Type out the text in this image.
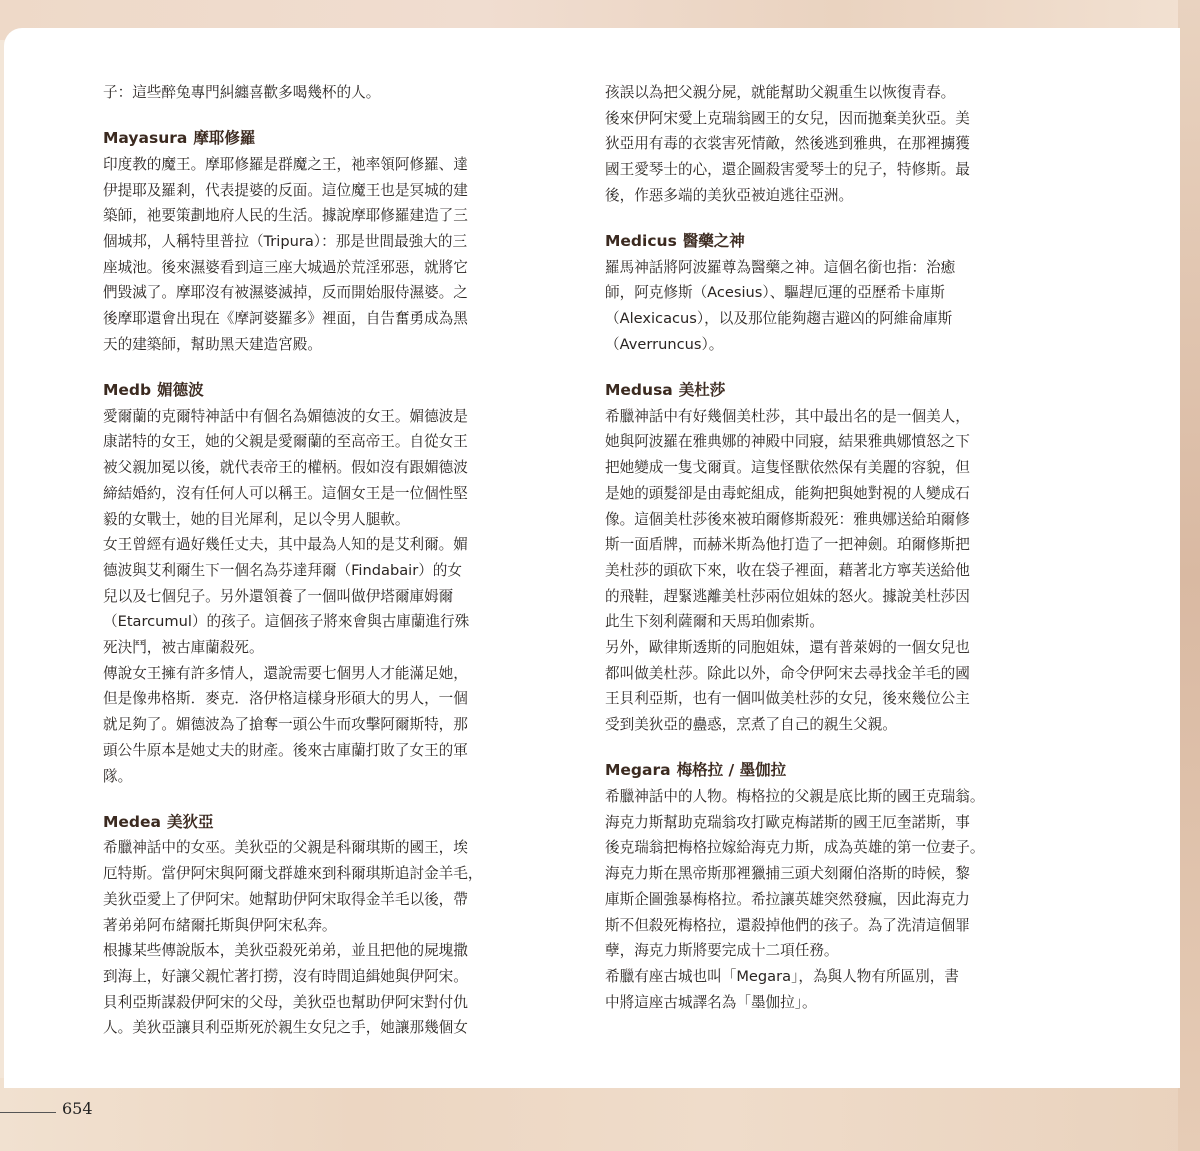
子：這些醉兔專門糾纏喜歡多喝幾杯的人。

Mayasura 摩耶修羅

印度教的魔王。摩耶修羅是群魔之王，祂率領阿修羅、達
伊提耶及羅剎，代表提婆的反面。這位魔王也是冥城的建
築師，祂要策劃地府人民的生活。據說摩耶修羅建造了三
個城邦，人稱特里普拉（Tripura）：那是世間最強大的三
座城池。後來濕婆看到這三座大城過於荒淫邪惡，就將它
們毀滅了。摩耶沒有被濕婆滅掉，反而開始服侍濕婆。之
後摩耶還會出現在《摩訶婆羅多》裡面，自告奮勇成為黑
天的建築師，幫助黑天建造宮殿。

Medb 媚德波

愛爾蘭的克爾特神話中有個名為媚德波的女王。媚德波是
康諾特的女王，她的父親是愛爾蘭的至高帝王。自從女王
被父親加冕以後，就代表帝王的權柄。假如沒有跟媚德波
締結婚約，沒有任何人可以稱王。這個女王是一位個性堅
毅的女戰士，她的目光犀利，足以令男人腿軟。

女王曾經有過好幾任丈夫，其中最為人知的是艾利爾。媚
德波與艾利爾生下一個名為芬達拜爾（Findabair）的女
兒以及七個兒子。另外還領養了一個叫做伊塔爾庫姆爾
（Etarcumul）的孩子。這個孩子將來會與古庫蘭進行殊
死決鬥，被古庫蘭殺死。

傳說女王擁有許多情人，還說需要七個男人才能滿足她，
但是像弗格斯．麥克．洛伊格這樣身形碩大的男人，一個
就足夠了。媚德波為了搶奪一頭公牛而攻擊阿爾斯特，那
頭公牛原本是她丈夫的財產。後來古庫蘭打敗了女王的軍
隊。

Medea 美狄亞

希臘神話中的女巫。美狄亞的父親是科爾琪斯的國王，埃
厄特斯。當伊阿宋與阿爾戈群雄來到科爾琪斯追討金羊毛，
美狄亞愛上了伊阿宋。她幫助伊阿宋取得金羊毛以後，帶
著弟弟阿布緒爾托斯與伊阿宋私奔。

根據某些傳說版本，美狄亞殺死弟弟，並且把他的屍塊撒
到海上，好讓父親忙著打撈，沒有時間追緝她與伊阿宋。
貝利亞斯謀殺伊阿宋的父母，美狄亞也幫助伊阿宋對付仇
人。美狄亞讓貝利亞斯死於親生女兒之手，她讓那幾個女

孩誤以為把父親分屍，就能幫助父親重生以恢復青春。
後來伊阿宋愛上克瑞翁國王的女兒，因而拋棄美狄亞。美
狄亞用有毒的衣裳害死情敵，然後逃到雅典，在那裡擄獲
國王愛琴士的心，還企圖殺害愛琴士的兒子，特修斯。最
後，作惡多端的美狄亞被迫逃往亞洲。

Medicus 醫藥之神

羅馬神話將阿波羅尊為醫藥之神。這個名銜也指：治癒
師，阿克修斯（Acesius）、驅趕厄運的亞歷希卡庫斯
（Alexicacus），以及那位能夠趨吉避凶的阿維侖庫斯
（Averruncus）。

Medusa 美杜莎

希臘神話中有好幾個美杜莎，其中最出名的是一個美人，
她與阿波羅在雅典娜的神殿中同寢，結果雅典娜憤怒之下
把她變成一隻戈爾貢。這隻怪獸依然保有美麗的容貌，但
是她的頭髮卻是由毒蛇組成，能夠把與她對視的人變成石
像。這個美杜莎後來被珀爾修斯殺死：雅典娜送給珀爾修
斯一面盾牌，而赫米斯為他打造了一把神劍。珀爾修斯把
美杜莎的頭砍下來，收在袋子裡面，藉著北方寧芙送給他
的飛鞋，趕緊逃離美杜莎兩位姐妹的怒火。據說美杜莎因
此生下刻利薩爾和天馬珀伽索斯。

另外，歐律斯透斯的同胞姐妹，還有普萊姆的一個女兒也
都叫做美杜莎。除此以外，命令伊阿宋去尋找金羊毛的國
王貝利亞斯，也有一個叫做美杜莎的女兒，後來幾位公主
受到美狄亞的蠱惑，烹煮了自己的親生父親。

Megara 梅格拉 / 墨伽拉

希臘神話中的人物。梅格拉的父親是底比斯的國王克瑞翁。
海克力斯幫助克瑞翁攻打歐克梅諾斯的國王厄奎諾斯，事
後克瑞翁把梅格拉嫁給海克力斯，成為英雄的第一位妻子。
海克力斯在黑帝斯那裡獵捕三頭犬刻爾伯洛斯的時候，黎
庫斯企圖強暴梅格拉。希拉讓英雄突然發瘋，因此海克力
斯不但殺死梅格拉，還殺掉他們的孩子。為了洗清這個罪
孽，海克力斯將要完成十二項任務。

希臘有座古城也叫「Megara」，為與人物有所區別，書
中將這座古城譯名為「墨伽拉」。

654
